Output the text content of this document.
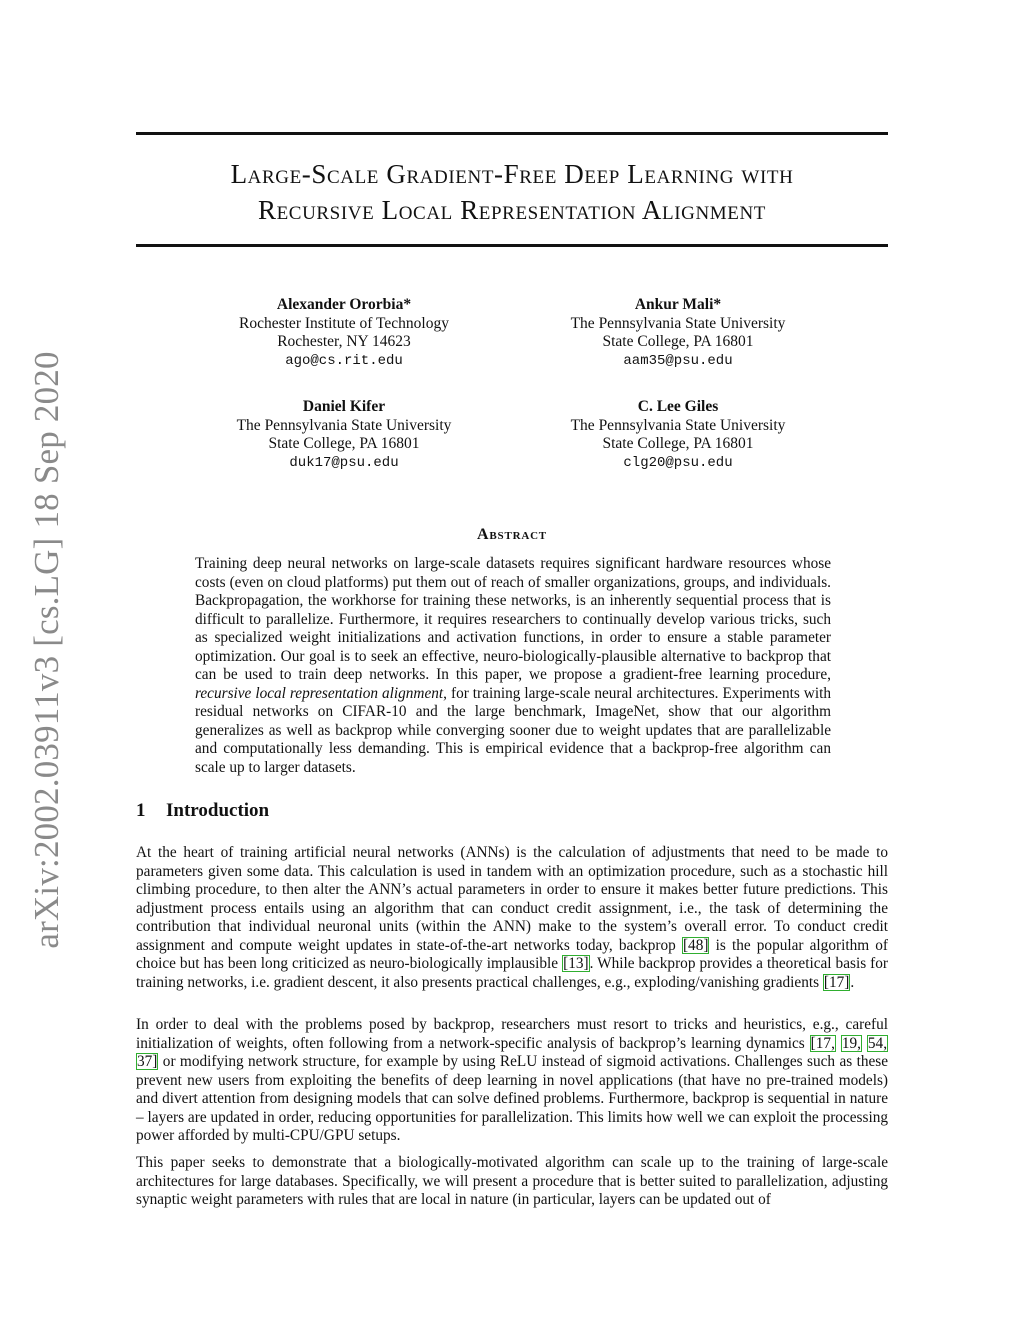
arXiv:2002.03911v3 [cs.LG] 18 Sep 2020
Large-Scale Gradient-Free Deep Learning with
Recursive Local Representation Alignment
Alexander Ororbia*
Rochester Institute of Technology
Rochester, NY 14623
ago@cs.rit.edu
Ankur Mali*
The Pennsylvania State University
State College, PA 16801
aam35@psu.edu
Daniel Kifer
The Pennsylvania State University
State College, PA 16801
duk17@psu.edu
C. Lee Giles
The Pennsylvania State University
State College, PA 16801
clg20@psu.edu
Abstract

Training deep neural networks on large-scale datasets requires significant hardware resources whose costs (even on cloud platforms) put them out of reach of smaller organizations, groups, and individuals. Backpropagation, the workhorse for training these networks, is an inherently sequential process that is difficult to parallelize. Furthermore, it requires researchers to continually develop various tricks, such as specialized weight initializations and activation functions, in order to ensure a stable parameter optimization. Our goal is to seek an effective, neuro-biologically-plausible alternative to backprop that can be used to train deep networks. In this paper, we propose a gradient-free learning procedure, recursive local representation alignment, for training large-scale neural architectures. Experiments with residual networks on CIFAR-10 and the large benchmark, ImageNet, show that our algorithm generalizes as well as backprop while converging sooner due to weight updates that are parallelizable and computationally less demanding. This is empirical evidence that a backprop-free algorithm can scale up to larger datasets.

1 Introduction

At the heart of training artificial neural networks (ANNs) is the calculation of adjustments that need to be made to parameters given some data. This calculation is used in tandem with an optimization procedure, such as a stochastic hill climbing procedure, to then alter the ANN’s actual parameters in order to ensure it makes better future predictions. This adjustment process entails using an algorithm that can conduct credit assignment, i.e., the task of determining the contribution that individual neuronal units (within the ANN) make to the system’s overall error. To conduct credit assignment and compute weight updates in state-of-the-art networks today, backprop [48] is the popular algorithm of choice but has been long criticized as neuro-biologically implausible [13]. While backprop provides a theoretical basis for training networks, i.e. gradient descent, it also presents practical challenges, e.g., exploding/vanishing gradients [17].

In order to deal with the problems posed by backprop, researchers must resort to tricks and heuristics, e.g., careful initialization of weights, often following from a network-specific analysis of backprop’s learning dynamics [17, 19, 54, 37] or modifying network structure, for example by using ReLU instead of sigmoid activations. Challenges such as these prevent new users from exploiting the benefits of deep learning in novel applications (that have no pre-trained models) and divert attention from designing models that can solve defined problems. Furthermore, backprop is sequential in nature – layers are updated in order, reducing opportunities for parallelization. This limits how well we can exploit the processing power afforded by multi-CPU/GPU setups.

This paper seeks to demonstrate that a biologically-motivated algorithm can scale up to the training of large-scale architectures for large databases. Specifically, we will present a procedure that is better suited to parallelization, adjusting synaptic weight parameters with rules that are local in nature (in particular, layers can be updated out of
